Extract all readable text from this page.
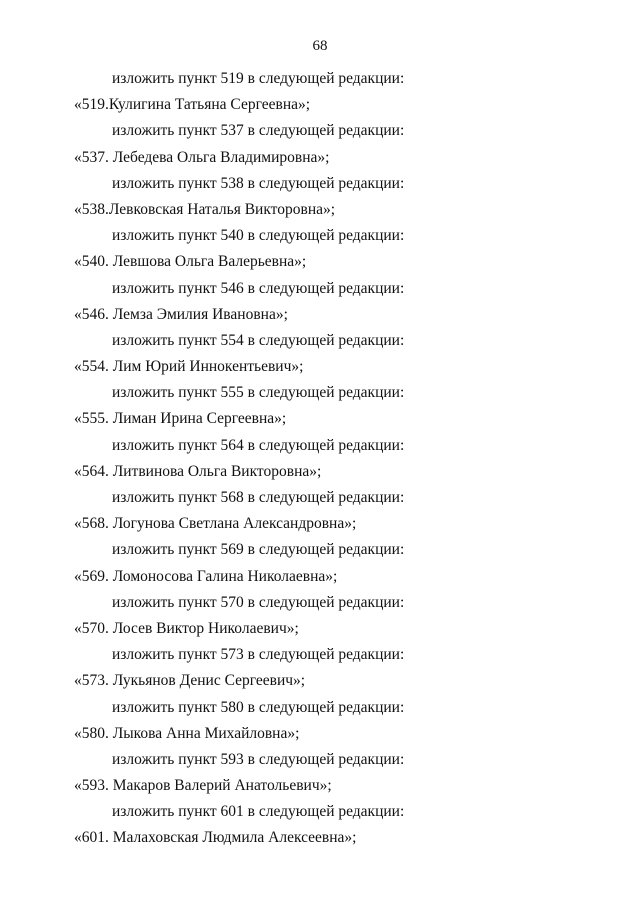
68
изложить пункт 519 в следующей редакции:
«519.Кулигина Татьяна Сергеевна»;
изложить пункт 537 в следующей редакции:
«537. Лебедева Ольга Владимировна»;
изложить пункт 538 в следующей редакции:
«538.Левковская Наталья Викторовна»;
изложить пункт 540 в следующей редакции:
«540. Левшова Ольга Валерьевна»;
изложить пункт 546 в следующей редакции:
«546. Лемза Эмилия Ивановна»;
изложить пункт 554 в следующей редакции:
«554. Лим Юрий Иннокентьевич»;
изложить пункт 555 в следующей редакции:
«555. Лиман Ирина Сергеевна»;
изложить пункт 564 в следующей редакции:
«564. Литвинова Ольга Викторовна»;
изложить пункт 568 в следующей редакции:
«568. Логунова Светлана Александровна»;
изложить пункт 569 в следующей редакции:
«569. Ломоносова Галина Николаевна»;
изложить пункт 570 в следующей редакции:
«570. Лосев Виктор Николаевич»;
изложить пункт 573 в следующей редакции:
«573. Лукьянов Денис Сергеевич»;
изложить пункт 580 в следующей редакции:
«580. Лыкова Анна Михайловна»;
изложить пункт 593 в следующей редакции:
«593. Макаров Валерий Анатольевич»;
изложить пункт 601 в следующей редакции:
«601. Малаховская Людмила Алексеевна»;
